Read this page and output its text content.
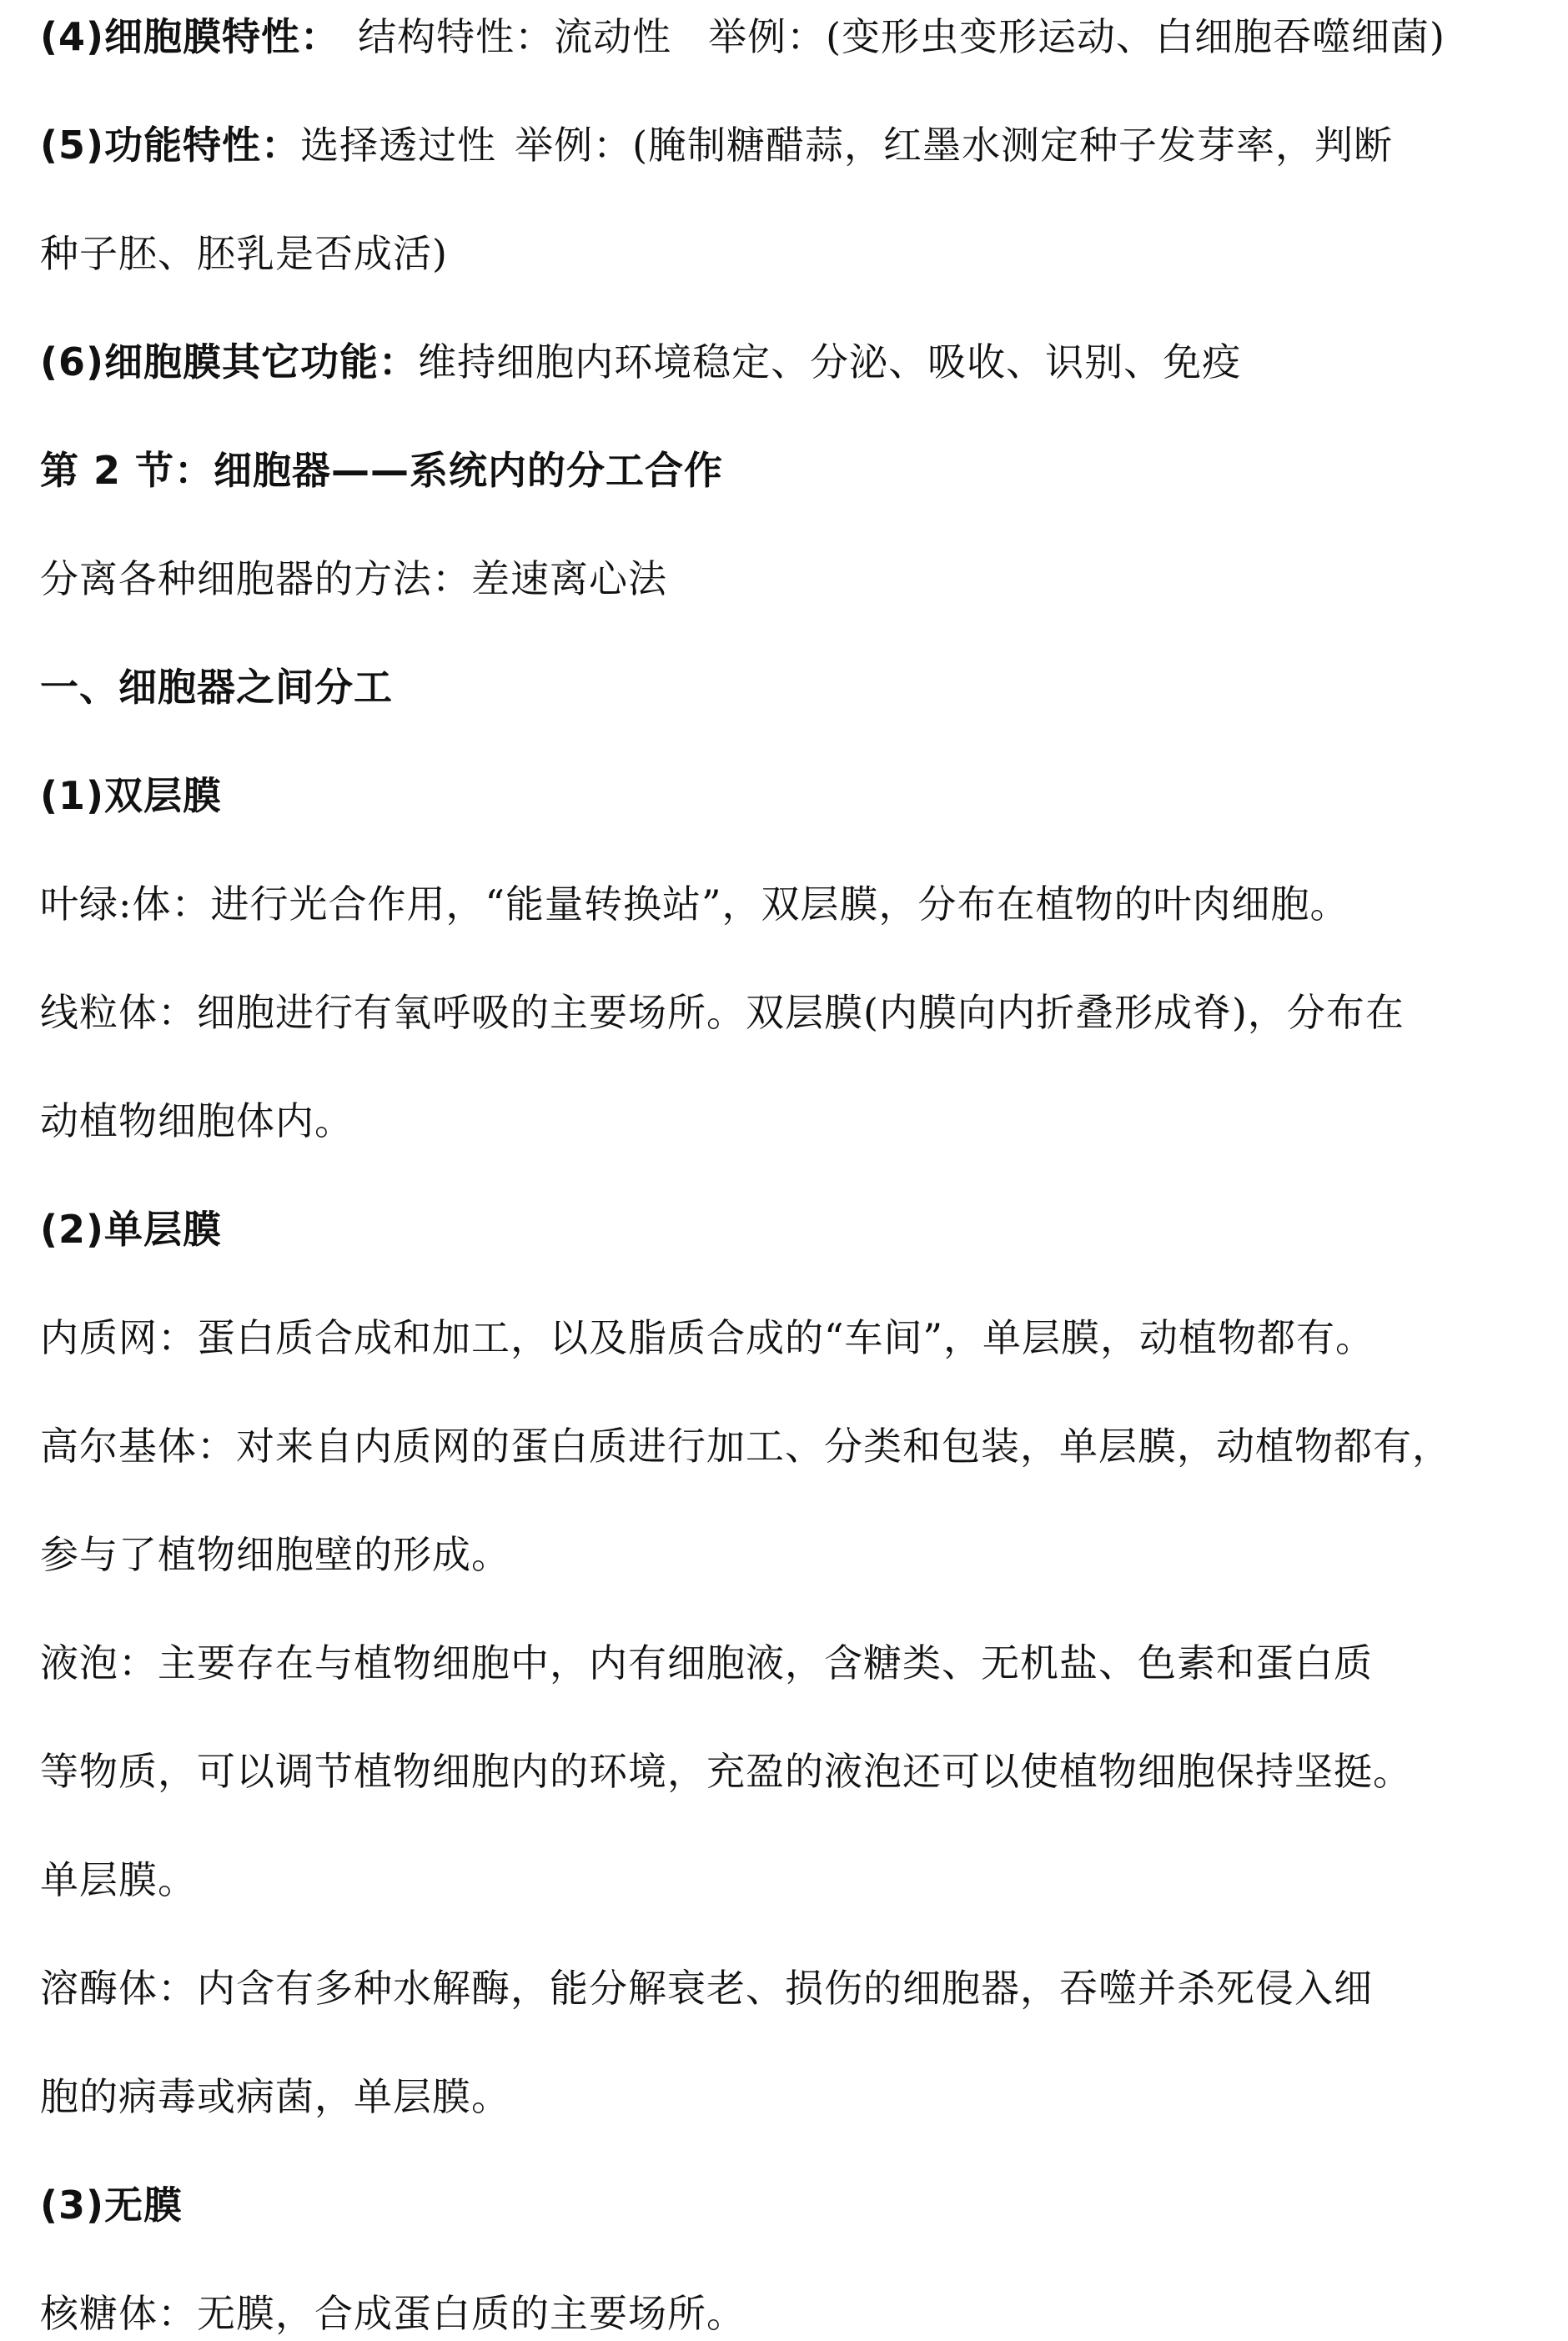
(4)细胞膜特性： 结构特性：流动性 举例：(变形虫变形运动、白细胞吞噬细菌)
(5)功能特性：选择透过性 举例：(腌制糖醋蒜，红墨水测定种子发芽率，判断
种子胚、胚乳是否成活)
(6)细胞膜其它功能：维持细胞内环境稳定、分泌、吸收、识别、免疫
第 2 节：细胞器——系统内的分工合作
分离各种细胞器的方法：差速离心法
一、细胞器之间分工
(1)双层膜
叶绿:体：进行光合作用，“能量转换站”，双层膜，分布在植物的叶肉细胞。
线粒体：细胞进行有氧呼吸的主要场所。双层膜(内膜向内折叠形成脊)，分布在
动植物细胞体内。
(2)单层膜
内质网：蛋白质合成和加工，以及脂质合成的“车间”，单层膜，动植物都有。
高尔基体：对来自内质网的蛋白质进行加工、分类和包装，单层膜，动植物都有，
参与了植物细胞壁的形成。
液泡：主要存在与植物细胞中，内有细胞液，含糖类、无机盐、色素和蛋白质
等物质，可以调节植物细胞内的环境，充盈的液泡还可以使植物细胞保持坚挺。
单层膜。
溶酶体：内含有多种水解酶，能分解衰老、损伤的细胞器，吞噬并杀死侵入细
胞的病毒或病菌，单层膜。
(3)无膜
核糖体：无膜，合成蛋白质的主要场所。
